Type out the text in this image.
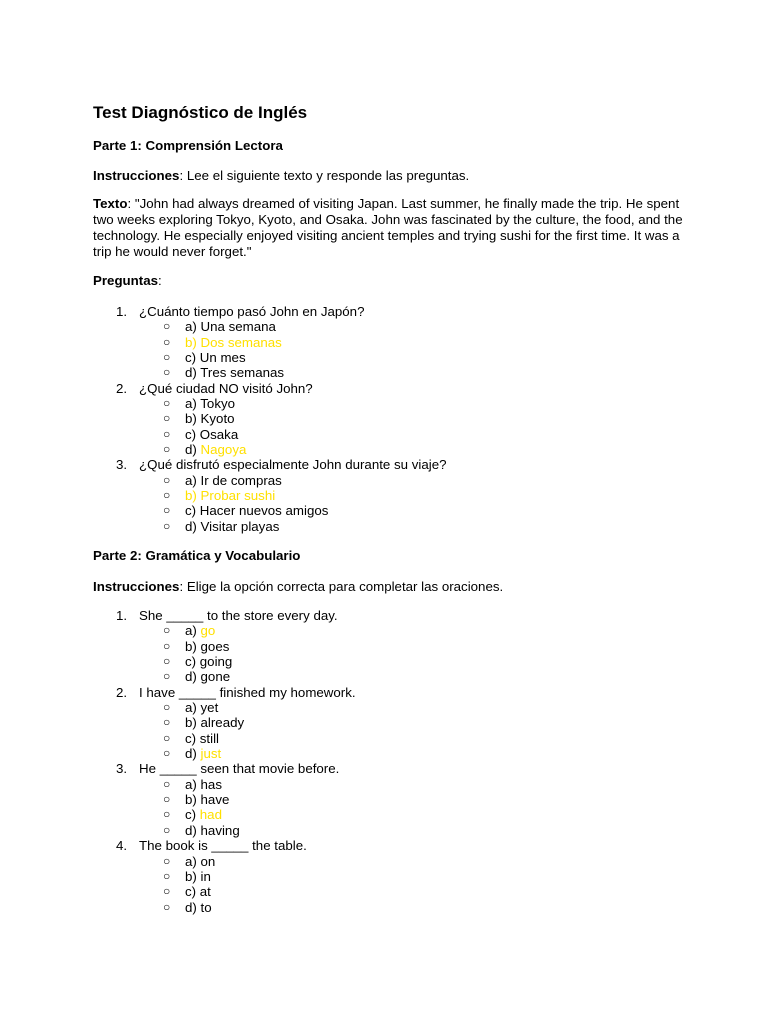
Test Diagnóstico de Inglés

Parte 1: Comprensión Lectora

Instrucciones: Lee el siguiente texto y responde las preguntas.

Texto: "John had always dreamed of visiting Japan. Last summer, he finally made the trip. He spent two weeks exploring Tokyo, Kyoto, and Osaka. John was fascinated by the culture, the food, and the technology. He especially enjoyed visiting ancient temples and trying sushi for the first time. It was a trip he would never forget."

Preguntas:

1. ¿Cuánto tiempo pasó John en Japón?
○ a) Una semana
○ b) Dos semanas
○ c) Un mes
○ d) Tres semanas
2. ¿Qué ciudad NO visitó John?
○ a) Tokyo
○ b) Kyoto
○ c) Osaka
○ d) Nagoya
3. ¿Qué disfrutó especialmente John durante su viaje?
○ a) Ir de compras
○ b) Probar sushi
○ c) Hacer nuevos amigos
○ d) Visitar playas

Parte 2: Gramática y Vocabulario

Instrucciones: Elige la opción correcta para completar las oraciones.

1. She _____ to the store every day.
○ a) go
○ b) goes
○ c) going
○ d) gone
2. I have _____ finished my homework.
○ a) yet
○ b) already
○ c) still
○ d) just
3. He _____ seen that movie before.
○ a) has
○ b) have
○ c) had
○ d) having
4. The book is _____ the table.
○ a) on
○ b) in
○ c) at
○ d) to
